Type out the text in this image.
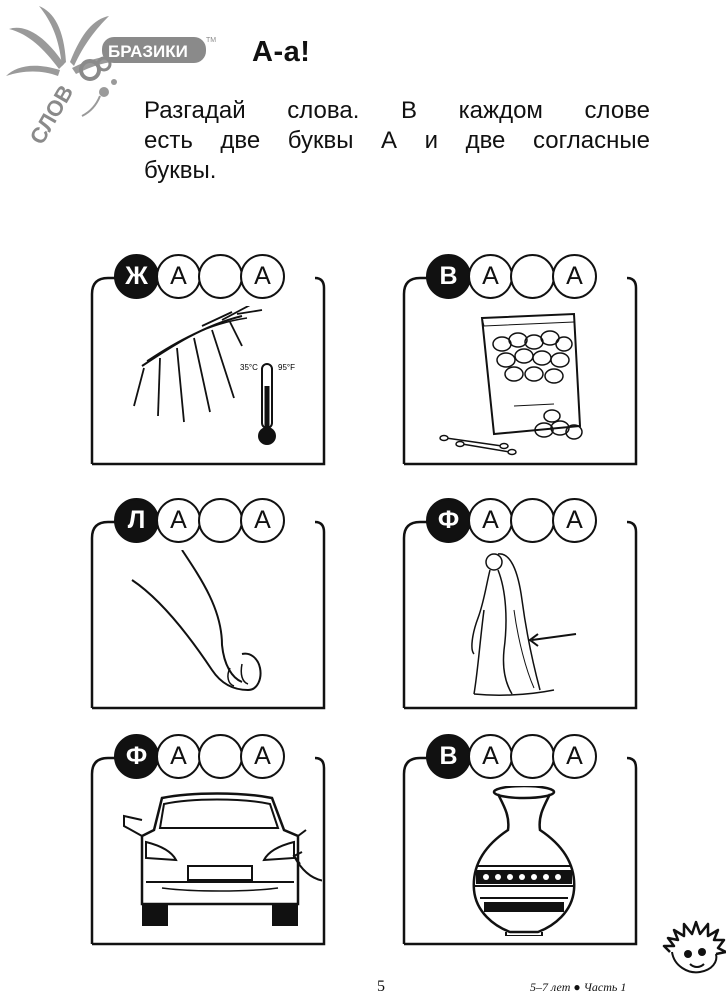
БРАЗИКИ
TM
СЛОВ
А-а!
Разгадай слова. В каждом слове
есть две буквы А и две согласные
буквы.
Ж А	А
35°С	95°F
В А	А
Л А	А	Ф А	А
Ф А	А	В А	А
5	5–7 лет ● Часть 1
